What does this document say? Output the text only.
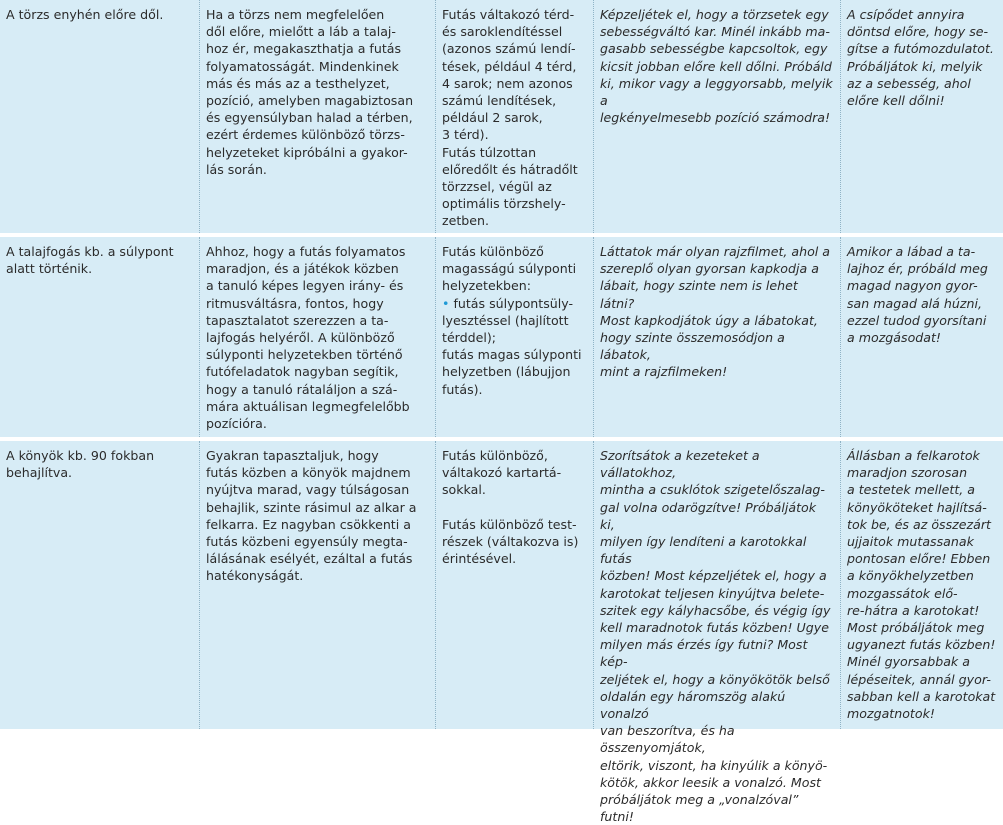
A törzs enyhén előre dől.	Ha a törzs nem megfelelően
dől előre, mielőtt a láb a talaj-
hoz ér, megakaszthatja a futás
folyamatosságát. Mindenkinek
más és más az a testhelyzet,
pozíció, amelyben magabiztosan
és egyensúlyban halad a térben,
ezért érdemes különböző törzs-
helyzeteket kipróbálni a gyakor-
lás során.
Futás váltakozó térd-
és saroklendítéssel
(azonos számú lendí-
tések, például 4 térd,
4 sarok; nem azonos
számú lendítések,
például 2 sarok,
3 térd).
Futás túlzottan
előredőlt és hátradőlt
törzzsel, végül az
optimális törzshely-
zetben.
Képzeljétek el, hogy a törzsetek egy
sebességváltó kar. Minél inkább ma-
gasabb sebességbe kapcsoltok, egy
kicsit jobban előre kell dőlni. Próbáld
ki, mikor vagy a leggyorsabb, melyik a
legkényelmesebb pozíció számodra!
A csípődet annyira
döntsd előre, hogy se-
gítse a futómozdulatot.
Próbáljátok ki, melyik
az a sebesség, ahol
előre kell dőlni!
A talajfogás kb. a súlypont
alatt történik.
Ahhoz, hogy a futás folyamatos
maradjon, és a játékok közben
a tanuló képes legyen irány- és
ritmusváltásra, fontos, hogy
tapasztalatot szerezzen a ta-
lajfogás helyéről. A különböző
súlyponti helyzetekben történő
futófeladatok nagyban segítik,
hogy a tanuló rátaláljon a szá-
mára aktuálisan legmegfelelőbb
pozícióra.
Futás különböző
magasságú súlyponti
helyzetekben:
• futás súlypontsüly-
lyesztéssel (hajlított
térddel);
futás magas súlyponti
helyzetben (lábujjon
futás).
Láttatok már olyan rajzfilmet, ahol a
szereplő olyan gyorsan kapkodja a
lábait, hogy szinte nem is lehet látni?
Most kapkodjátok úgy a lábatokat,
hogy szinte összemosódjon a lábatok,
mint a rajzfilmeken!
Amikor a lábad a ta-
lajhoz ér, próbáld meg
magad nagyon gyor-
san magad alá húzni,
ezzel tudod gyorsítani
a mozgásodat!
A könyök kb. 90 fokban
behajlítva.
Gyakran tapasztaljuk, hogy
futás közben a könyök majdnem
nyújtva marad, vagy túlságosan
behajlik, szinte rásimul az alkar a
felkarra. Ez nagyban csökkenti a
futás közbeni egyensúly megta-
lálásának esélyét, ezáltal a futás
hatékonyságát.
Futás különböző,
váltakozó kartartá-
sokkal.
Futás különböző test-
részek (váltakozva is)
érintésével.
Szorítsátok a kezeteket a vállatokhoz,
mintha a csuklótok szigetelőszalag-
gal volna odarögzítve! Próbáljátok ki,
milyen így lendíteni a karotokkal futás
közben! Most képzeljétek el, hogy a
karotokat teljesen kinyújtva belete-
szitek egy kályhacsőbe, és végig így
kell maradnotok futás közben! Ugye
milyen más érzés így futni? Most kép-
zeljétek el, hogy a könyökötök belső
oldalán egy háromszög alakú vonalzó
van beszorítva, és ha összenyomjátok,
eltörik, viszont, ha kinyúlik a könyö-
kötök, akkor leesik a vonalzó. Most
próbáljátok meg a „vonalzóval” futni!
Állásban a felkarotok
maradjon szorosan
a testetek mellett, a
könyököteket hajlítsá-
tok be, és az összezárt
ujjaitok mutassanak
pontosan előre! Ebben
a könyökhelyzetben
mozgassátok elő-
re-hátra a karotokat!
Most próbáljátok meg
ugyanezt futás közben!
Minél gyorsabbak a
lépéseitek, annál gyor-
sabban kell a karotokat
mozgatnotok!
